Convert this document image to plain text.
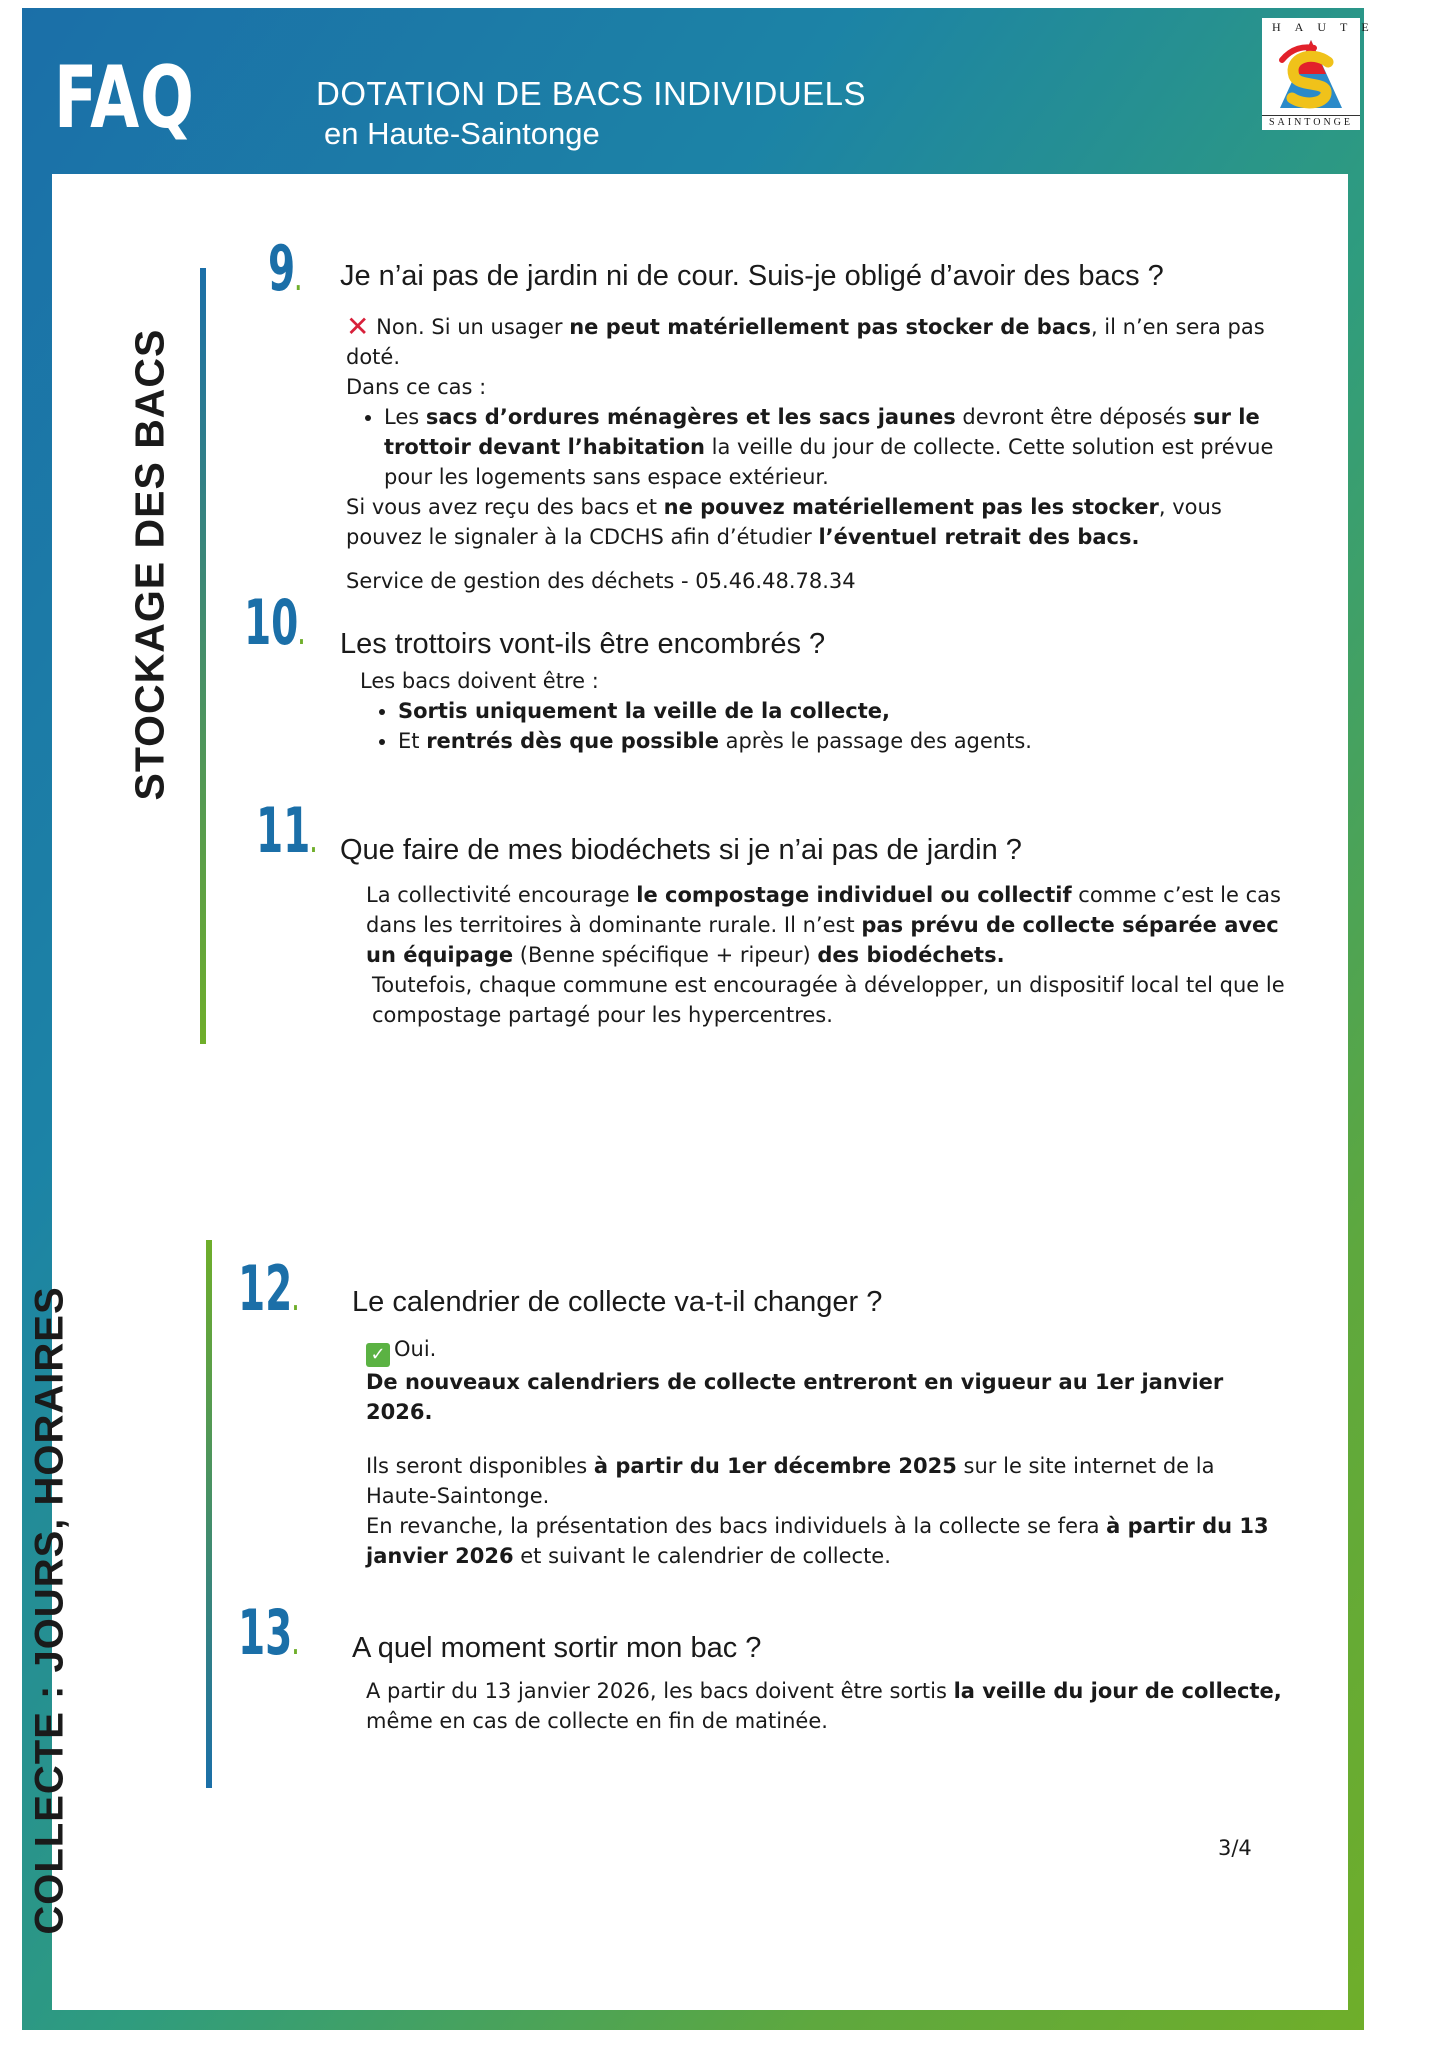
FAQ	DOTATION DE BACS INDIVIDUELS
en Haute-Saintonge
HAUTE
SAINTONGE
STOCKAGE DES BACS
COLLECTE : JOURS, HORAIRES
9. Je n’ai pas de jardin ni de cour. Suis-je obligé d’avoir des bacs ?

✕ Non. Si un usager ne peut matériellement pas stocker de bacs, il n’en sera pas doté.

Dans ce cas :

• Les sacs d’ordures ménagères et les sacs jaunes devront être déposés sur le trottoir devant l’habitation la veille du jour de collecte. Cette solution est prévue pour les logements sans espace extérieur.

Si vous avez reçu des bacs et ne pouvez matériellement pas les stocker, vous pouvez le signaler à la CDCHS afin d’étudier l’éventuel retrait des bacs.

Service de gestion des déchets - 05.46.48.78.34

10. Les trottoirs vont-ils être encombrés ?

Les bacs doivent être :

• Sortis uniquement la veille de la collecte,
• Et rentrés dès que possible après le passage des agents.
11. Que faire de mes biodéchets si je n’ai pas de jardin ?

La collectivité encourage le compostage individuel ou collectif comme c’est le cas dans les territoires à dominante rurale. Il n’est pas prévu de collecte séparée avec un équipage (Benne spécifique + ripeur) des biodéchets.

Toutefois, chaque commune est encouragée à développer, un dispositif local tel que le compostage partagé pour les hypercentres.

12. Le calendrier de collecte va-t-il changer ?

✓ Oui.

De nouveaux calendriers de collecte entreront en vigueur au 1er janvier 2026.

Ils seront disponibles à partir du 1er décembre 2025 sur le site internet de la Haute-Saintonge.

En revanche, la présentation des bacs individuels à la collecte se fera à partir du 13 janvier 2026 et suivant le calendrier de collecte.

13. A quel moment sortir mon bac ?

A partir du 13 janvier 2026, les bacs doivent être sortis la veille du jour de collecte, même en cas de collecte en fin de matinée.

3/4
